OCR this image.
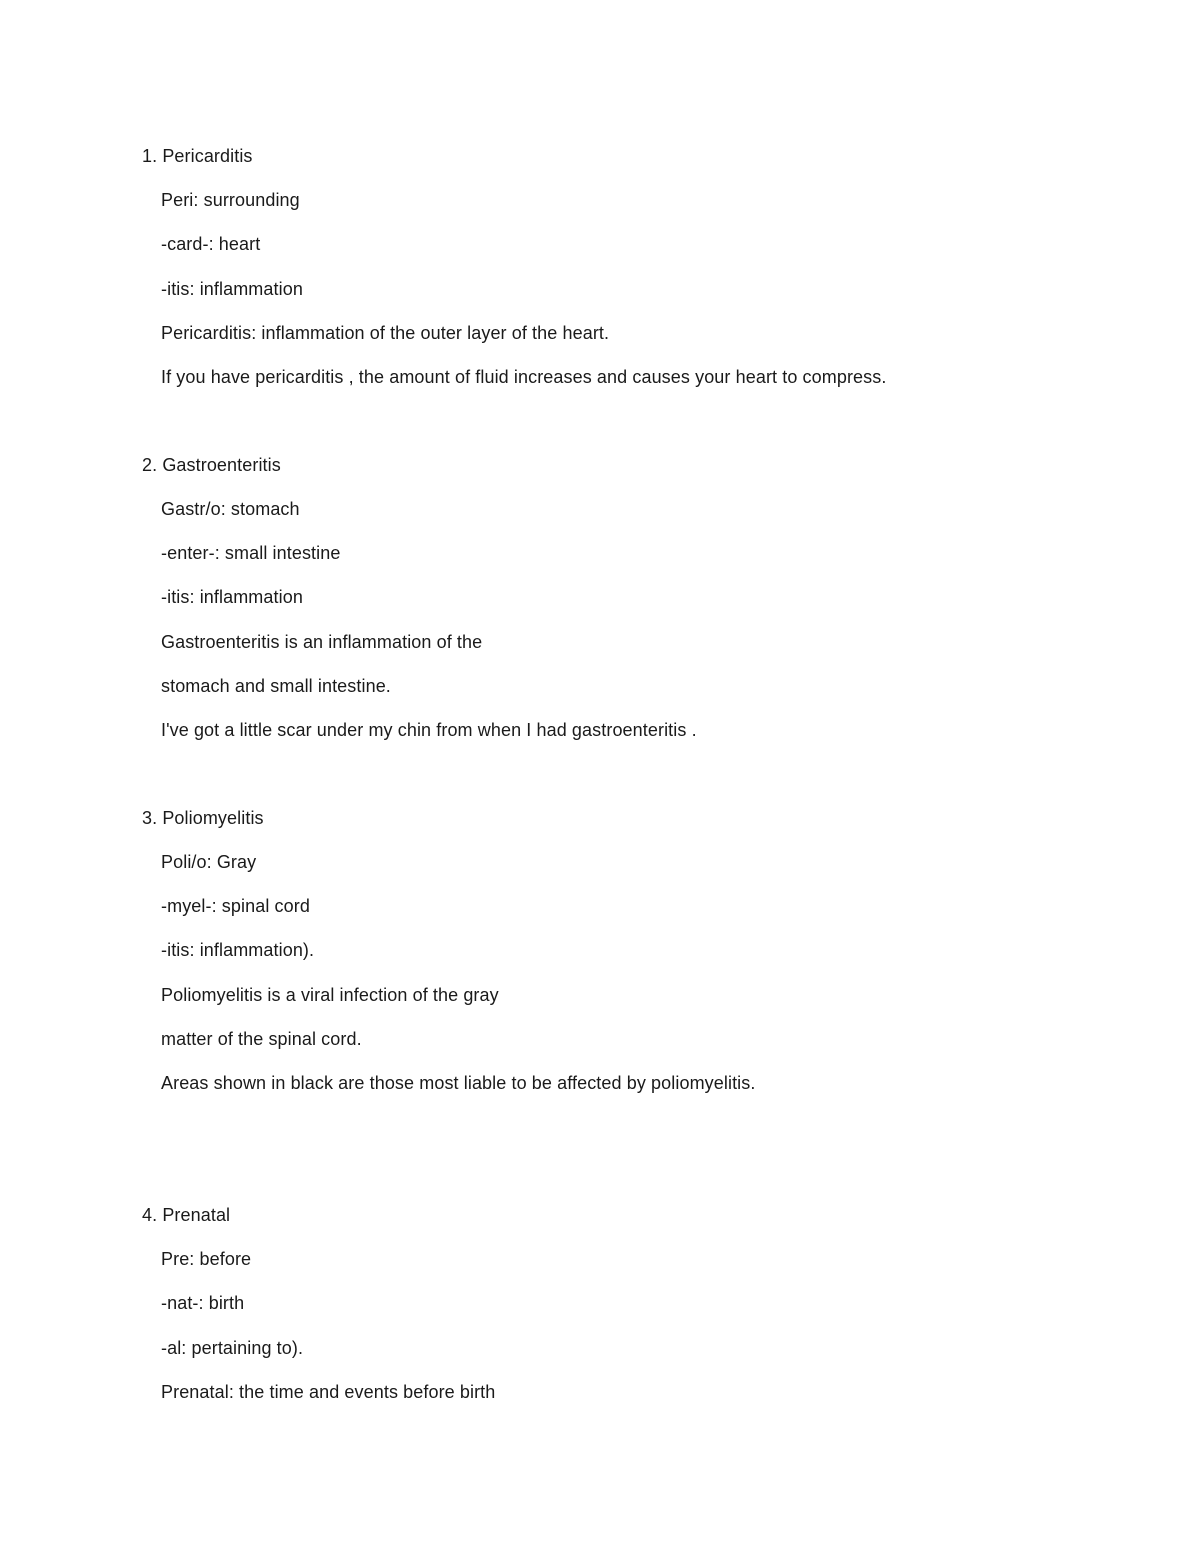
1. Pericarditis
Peri: surrounding
-card-: heart
-itis: inflammation
Pericarditis: inflammation of the outer layer of the heart.
If you have pericarditis , the amount of fluid increases and causes your heart to compress.
2. Gastroenteritis
Gastr/o: stomach
-enter-: small intestine
-itis: inflammation
Gastroenteritis is an inflammation of the
stomach and small intestine.
I've got a little scar under my chin from when I had gastroenteritis .
3. Poliomyelitis
Poli/o: Gray
-myel-: spinal cord
-itis: inflammation).
Poliomyelitis is a viral infection of the gray
matter of the spinal cord.
Areas shown in black are those most liable to be affected by poliomyelitis.
4. Prenatal
Pre: before
-nat-: birth
-al: pertaining to).
Prenatal: the time and events before birth
